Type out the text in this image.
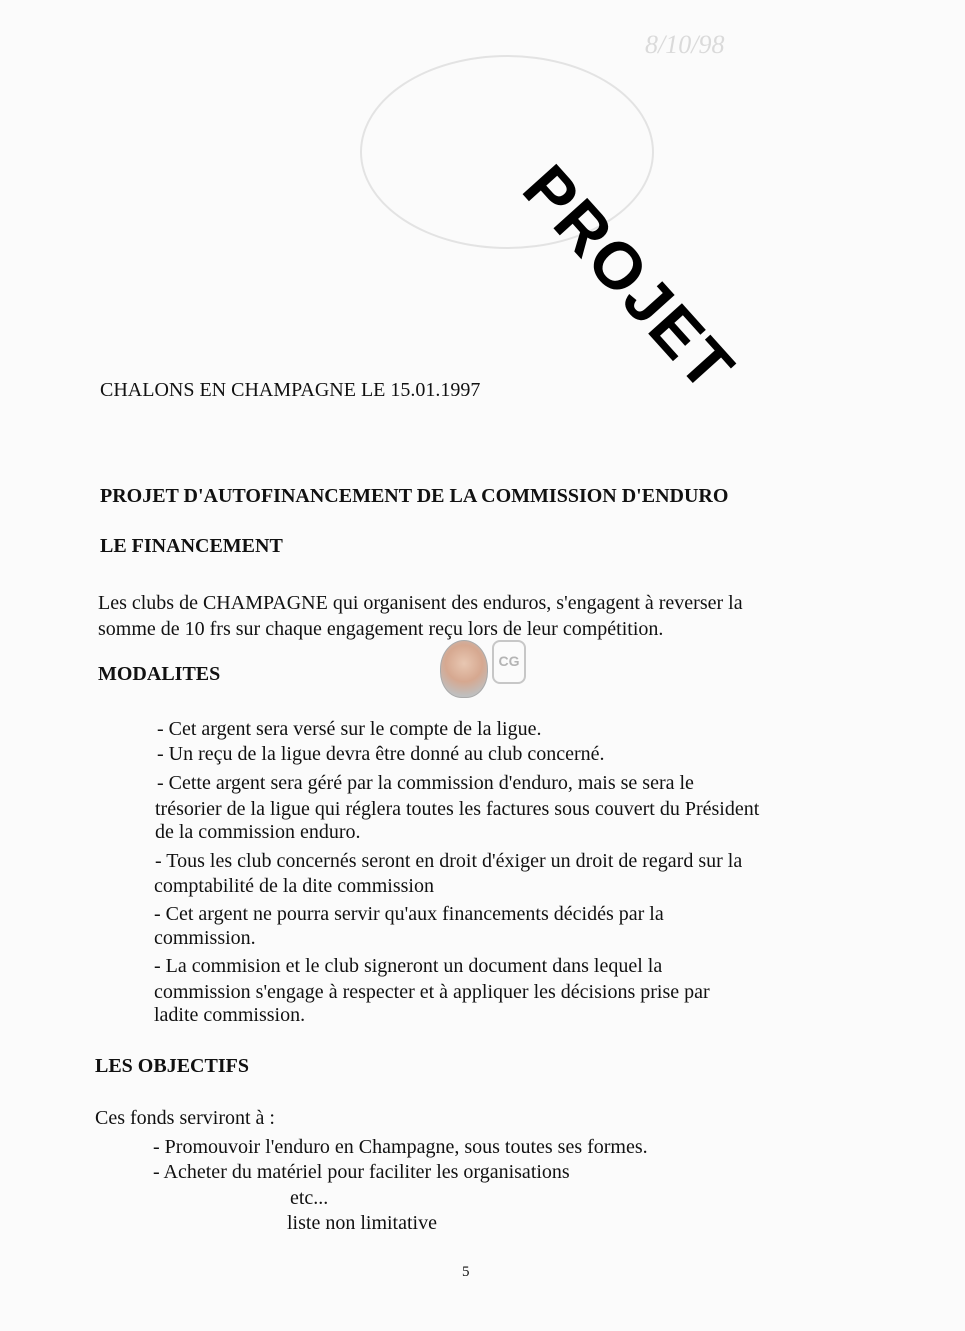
8/10/98
PROJET
CHALONS EN CHAMPAGNE LE 15.01.1997
PROJET D'AUTOFINANCEMENT DE LA COMMISSION D'ENDURO
LE FINANCEMENT
Les clubs de CHAMPAGNE qui organisent des enduros, s'engagent à reverser la
somme de 10 frs sur chaque engagement reçu lors de leur compétition.
CG
MODALITES
- Cet argent sera versé sur le compte de la ligue.
- Un reçu de la ligue devra être donné au club concerné.
- Cette argent sera géré par la commission d'enduro, mais se sera le
trésorier de la ligue qui réglera toutes les factures sous couvert du Président
de la commission enduro.
- Tous les club concernés seront en droit d'éxiger un droit de regard sur la
comptabilité de la dite commission
- Cet argent ne pourra servir qu'aux financements décidés par la
commission.
- La commision et le club signeront un document dans lequel la
commission s'engage à respecter et à appliquer les décisions prise par
ladite commission.
LES OBJECTIFS
Ces fonds serviront à :
- Promouvoir l'enduro en Champagne, sous toutes ses formes.
- Acheter du matériel pour faciliter les organisations
etc...
liste non limitative
5
